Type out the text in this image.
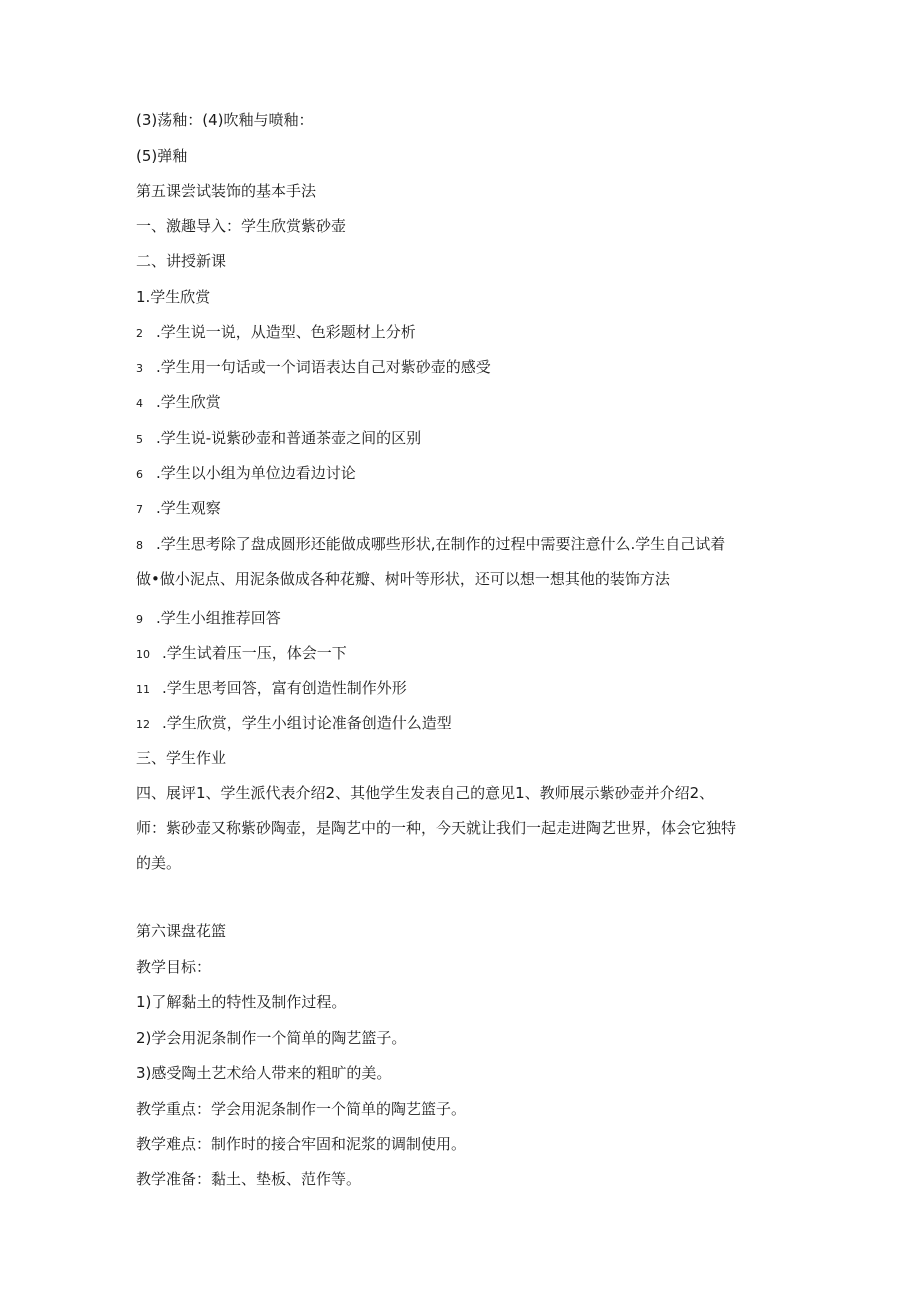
(3)荡釉：(4)吹釉与喷釉：
(5)弹釉
第五课尝试装饰的基本手法
一、激趣导入：学生欣赏紫砂壶
二、讲授新课
1.学生欣赏
2 .学生说一说，从造型、色彩题材上分析
3 .学生用一句话或一个词语表达自己对紫砂壶的感受
4 .学生欣赏
5 .学生说-说紫砂壶和普通茶壶之间的区别
6 .学生以小组为单位边看边讨论
7 .学生观察
8 .学生思考除了盘成圆形还能做成哪些形状,在制作的过程中需要注意什么.学生自己试着
做•做小泥点、用泥条做成各种花瓣、树叶等形状，还可以想一想其他的装饰方法
9 .学生小组推荐回答
10 .学生试着压一压，体会一下
11 .学生思考回答，富有创造性制作外形
12 .学生欣赏，学生小组讨论准备创造什么造型
三、学生作业
四、展评1、学生派代表介绍2、其他学生发表自己的意见1、教师展示紫砂壶并介绍2、
师：紫砂壶又称紫砂陶壶，是陶艺中的一种，今天就让我们一起走进陶艺世界，体会它独特
的美。
第六课盘花篮
教学目标：
1)了解黏土的特性及制作过程。
2)学会用泥条制作一个简单的陶艺篮子。
3)感受陶土艺术给人带来的粗旷的美。
教学重点：学会用泥条制作一个简单的陶艺篮子。
教学难点：制作时的接合牢固和泥浆的调制使用。
教学准备：黏土、垫板、范作等。
